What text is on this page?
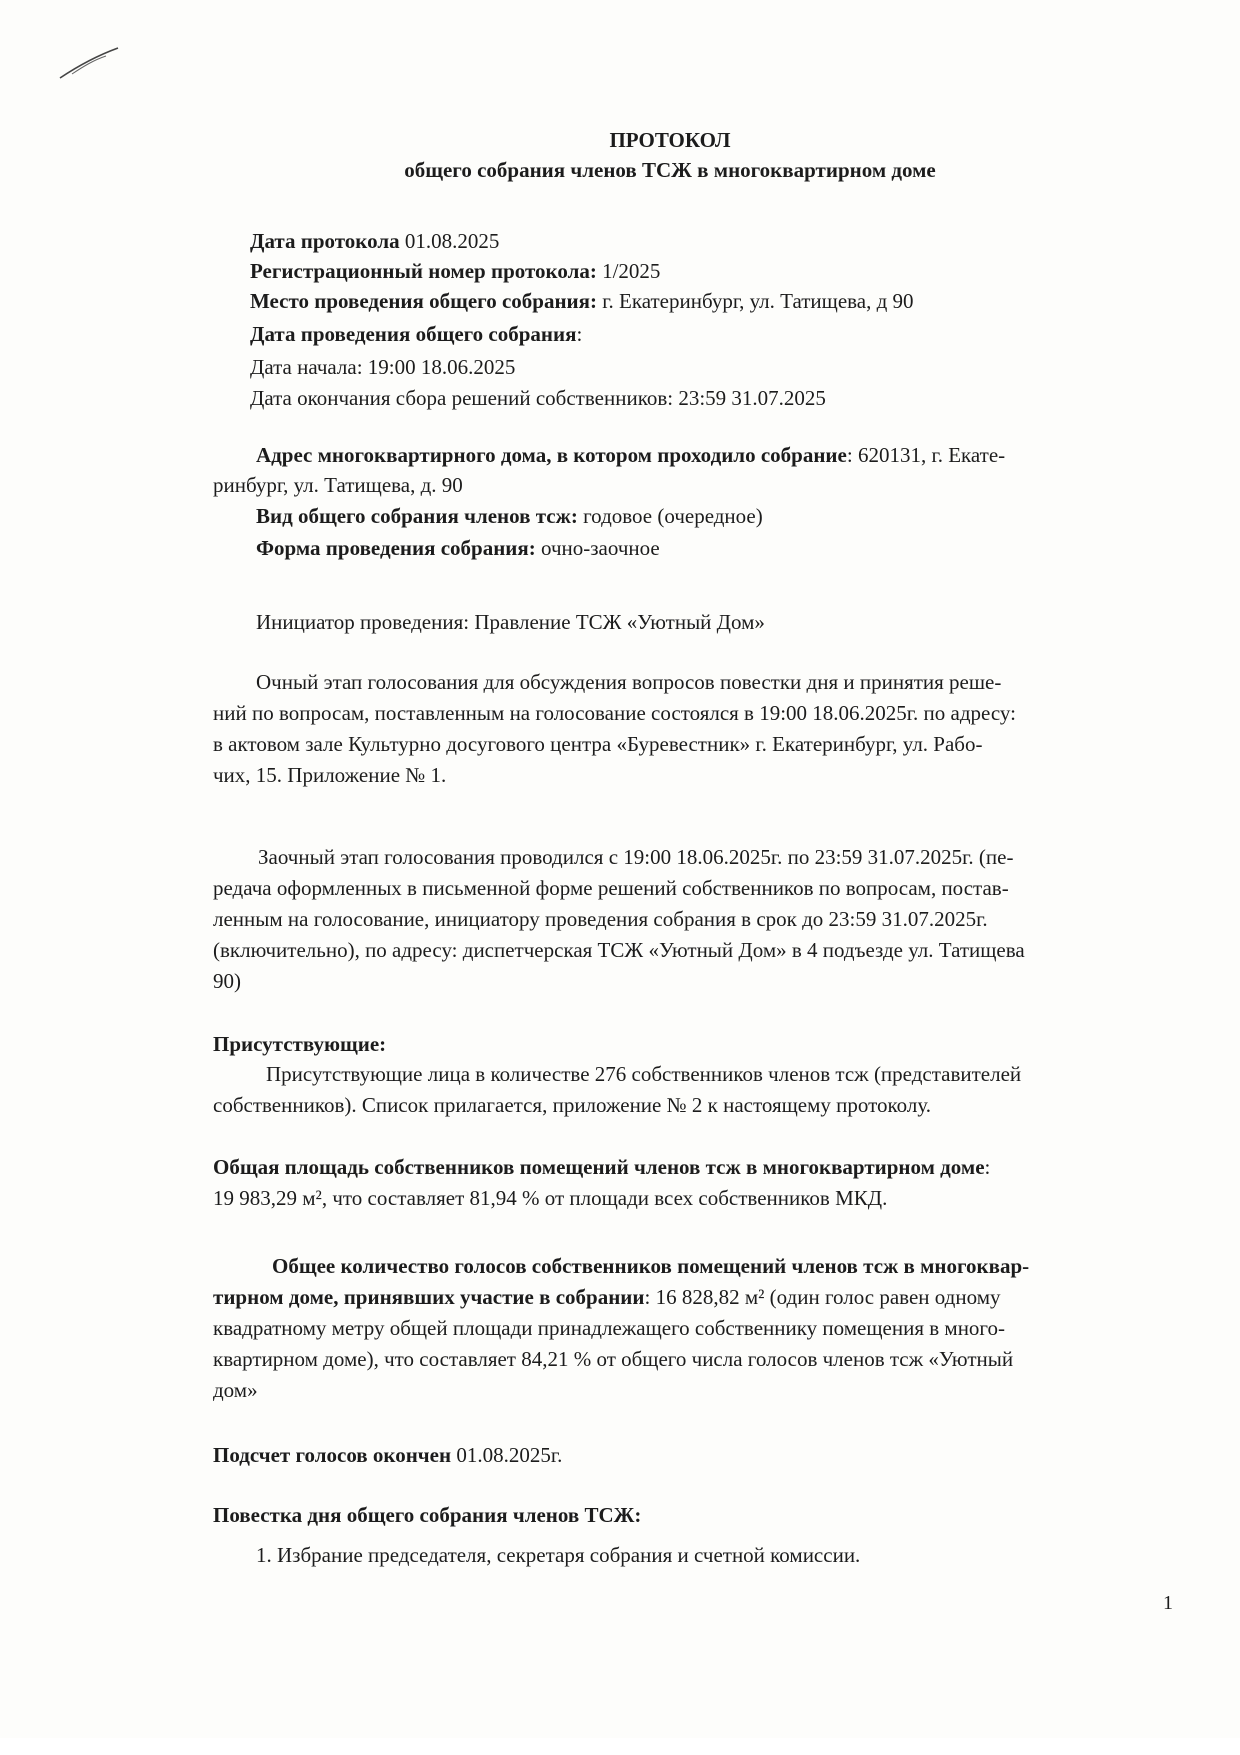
ПРОТОКОЛ
общего собрания членов ТСЖ в многоквартирном доме
Дата протокола 01.08.2025
Регистрационный номер протокола: 1/2025
Место проведения общего собрания: г. Екатеринбург, ул. Татищева, д 90
Дата проведения общего собрания:
Дата начала: 19:00 18.06.2025
Дата окончания сбора решений собственников: 23:59 31.07.2025
Адрес многоквартирного дома, в котором проходило собрание: 620131, г. Екате-
ринбург, ул. Татищева, д. 90
Вид общего собрания членов тсж: годовое (очередное)
Форма проведения собрания: очно-заочное
Инициатор проведения: Правление ТСЖ «Уютный Дом»
Очный этап голосования для обсуждения вопросов повестки дня и принятия реше-
ний по вопросам, поставленным на голосование состоялся в 19:00 18.06.2025г. по адресу:
в актовом зале Культурно досугового центра «Буревестник» г. Екатеринбург, ул. Рабо-
чих, 15. Приложение № 1.
Заочный этап голосования проводился с 19:00 18.06.2025г. по 23:59 31.07.2025г. (пе-
редача оформленных в письменной форме решений собственников по вопросам, постав-
ленным на голосование, инициатору проведения собрания в срок до 23:59 31.07.2025г.
(включительно), по адресу: диспетчерская ТСЖ «Уютный Дом» в 4 подъезде ул. Татищева
90)
Присутствующие:
Присутствующие лица в количестве 276 собственников членов тсж (представителей
собственников). Список прилагается, приложение № 2 к настоящему протоколу.
Общая площадь собственников помещений членов тсж в многоквартирном доме:
19 983,29 м², что составляет 81,94 % от площади всех собственников МКД.
Общее количество голосов собственников помещений членов тсж в многоквар-
тирном доме, принявших участие в собрании: 16 828,82 м² (один голос равен одному
квадратному метру общей площади принадлежащего собственнику помещения в много-
квартирном доме), что составляет 84,21 % от общего числа голосов членов тсж «Уютный
дом»
Подсчет голосов окончен 01.08.2025г.
Повестка дня общего собрания членов ТСЖ:
1. Избрание председателя, секретаря собрания и счетной комиссии.
1
